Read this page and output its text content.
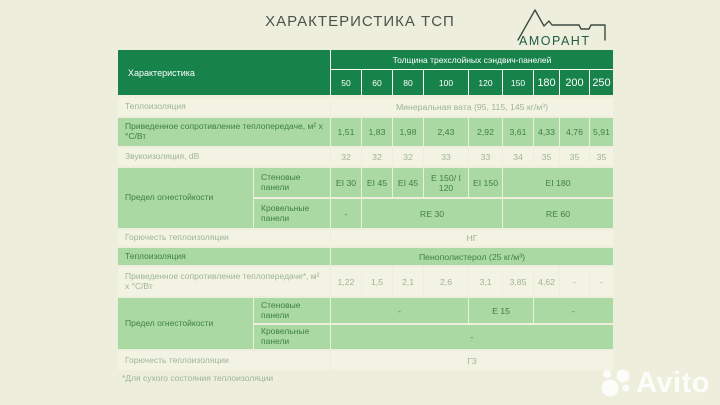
ХАРАКТЕРИСТИКА ТСП
АМОРАНТ
Характеристика
Толщина трехслойных сэндвич-панелей
50	60	80	100	120	150	180 200 250
Теплоизоляция	Минеральная вата (95, 115, 145 кг/м³)
Приведенное сопротивление теплопередаче, м² х °С/Вт	1,51	1,83	1,98	2,43	2,92	3,61	4,33	4,76	5,91
Звукоизоляция, dB	32	32	32	33	33	34	35	35	35
Предел огнестойкости
Стеновые панели	EI 30	EI 45	EI 45	E 150/ I 120	EI 150	EI 180
Кровельные панели	-	RE 30	RE 60
Горючесть теплоизоляции	НГ
Теплоизоляция	Пенополистерол (25 кг/м³)
Приведенное сопротивление теплопередаче*, м² х °С/Вт	1,22	1,5	2,1	2,6	3,1	3,85	4,62	-	-
Предел огнестойкости
Стеновые панели	-	E 15	-
Кровельные панели	-
Горючесть теплоизоляции	Г3
*Для сухого состояния теплоизоляции	Avito
